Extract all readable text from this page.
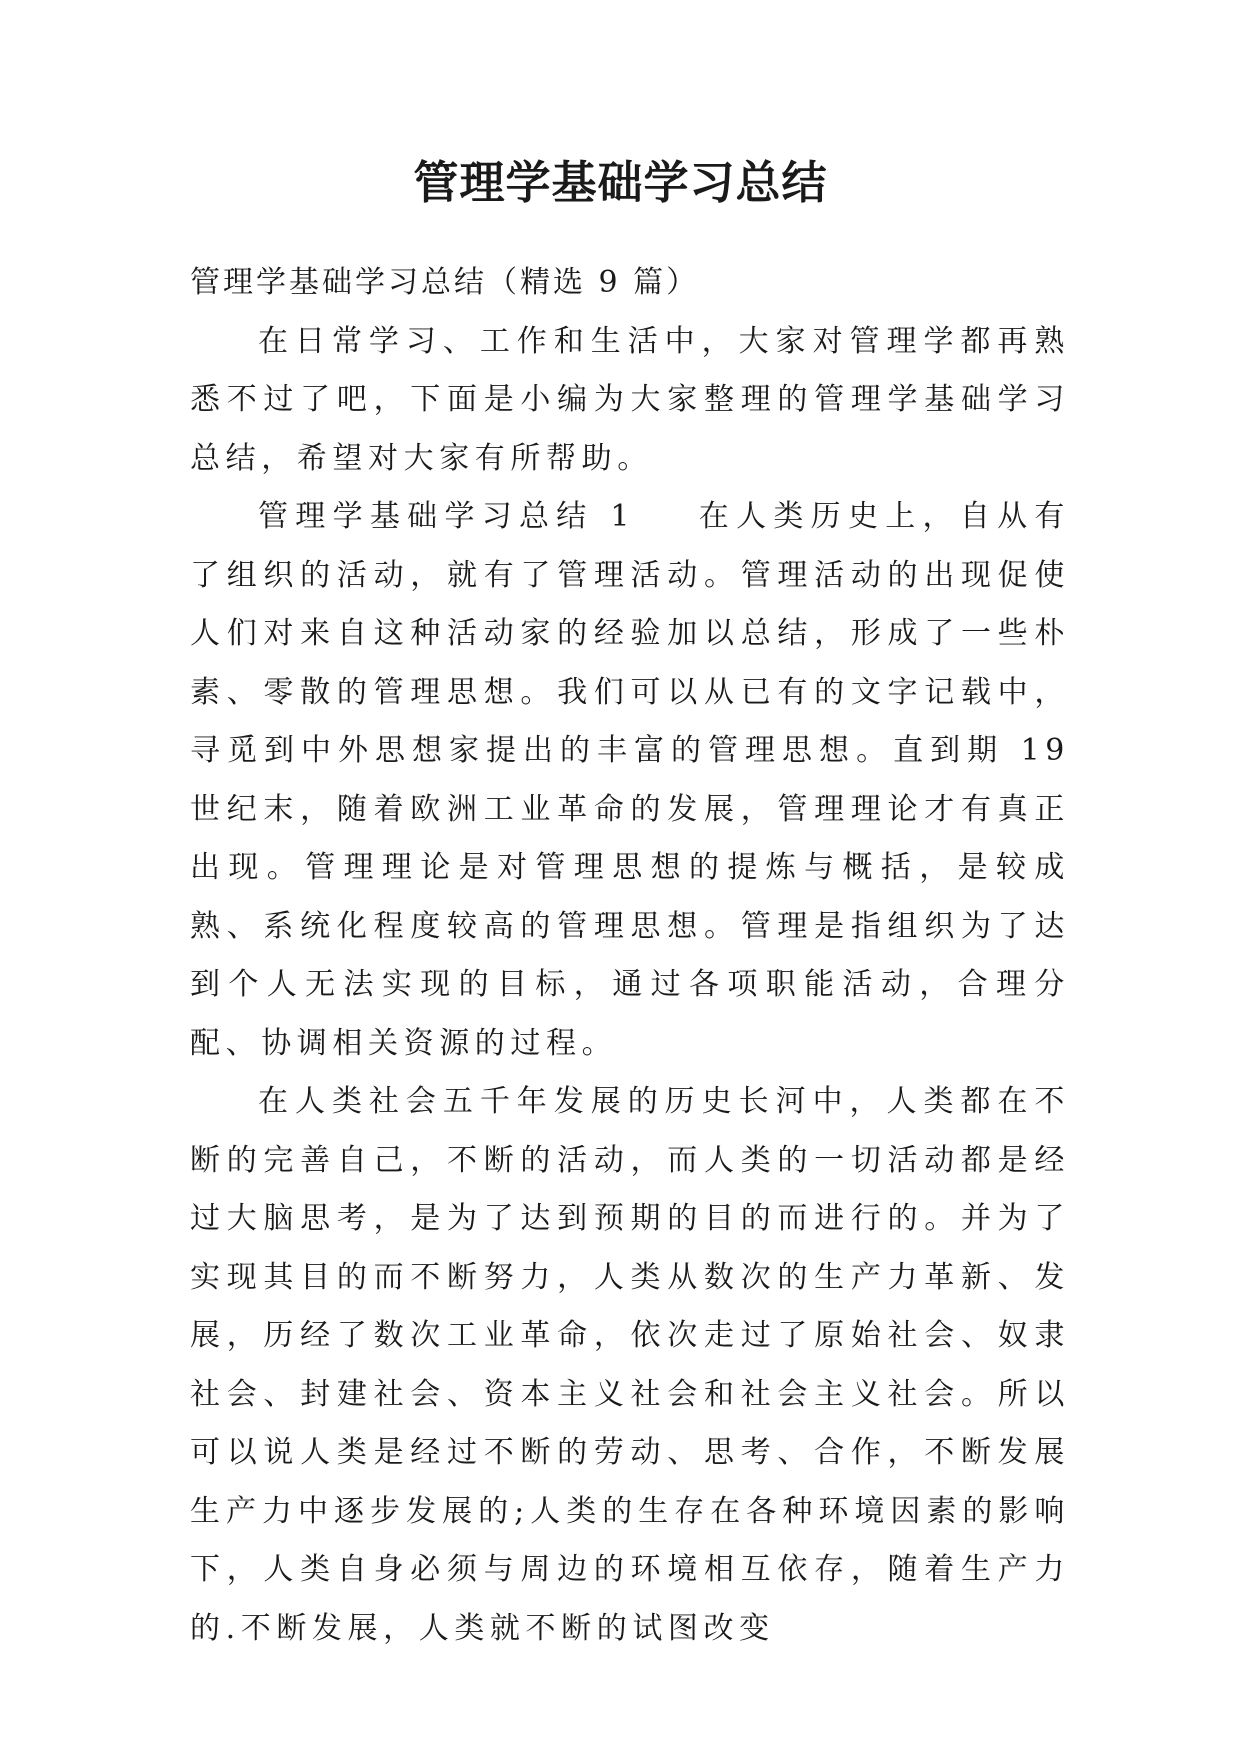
管理学基础学习总结

管理学基础学习总结（精选 9 篇）

在日常学习、工作和生活中，大家对管理学都再熟悉不过了吧，下面是小编为大家整理的管理学基础学习总结，希望对大家有所帮助。

管理学基础学习总结 1 在人类历史上，自从有了组织的活动，就有了管理活动。管理活动的出现促使人们对来自这种活动家的经验加以总结，形成了一些朴素、零散的管理思想。我们可以从已有的文字记载中，寻觅到中外思想家提出的丰富的管理思想。直到期 19 世纪末，随着欧洲工业革命的发展，管理理论才有真正出现。管理理论是对管理思想的提炼与概括，是较成熟、系统化程度较高的管理思想。管理是指组织为了达到个人无法实现的目标，通过各项职能活动，合理分配、协调相关资源的过程。

在人类社会五千年发展的历史长河中，人类都在不断的完善自己，不断的活动，而人类的一切活动都是经过大脑思考，是为了达到预期的目的而进行的。并为了实现其目的而不断努力，人类从数次的生产力革新、发展，历经了数次工业革命，依次走过了原始社会、奴隶社会、封建社会、资本主义社会和社会主义社会。所以可以说人类是经过不断的劳动、思考、合作，不断发展生产力中逐步发展的;人类的生存在各种环境因素的影响下，人类自身必须与周边的环境相互依存，随着生产力的.不断发展，人类就不断的试图改变
